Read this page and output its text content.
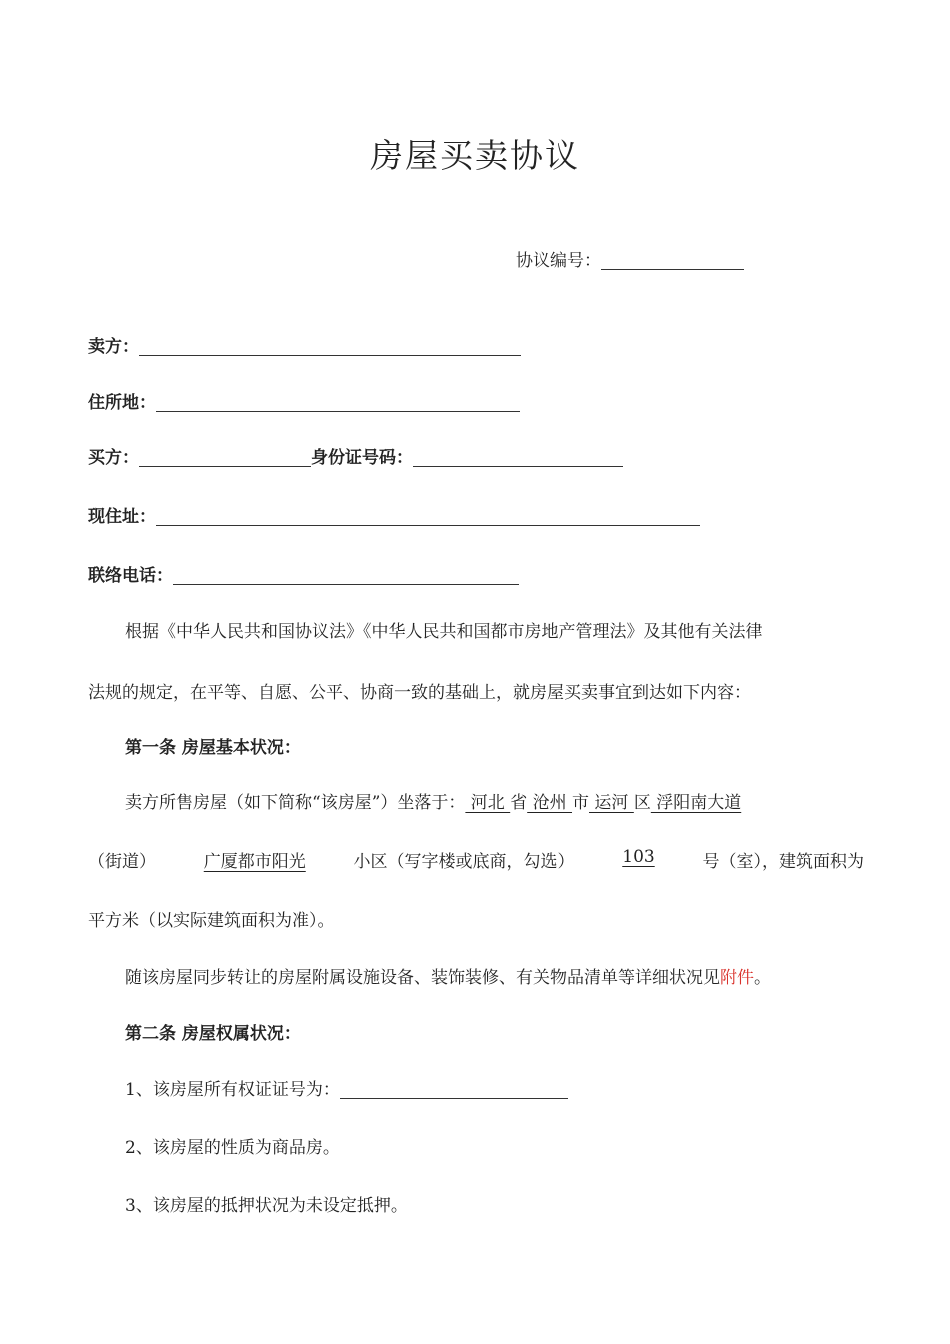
房屋买卖协议
协议编号：
卖方：
住所地：
买方：	身份证号码：
现住址：
联络电话：
根据《中华人民共和国协议法》《中华人民共和国都市房地产管理法》及其他有关法律
法规的规定，在平等、自愿、公平、协商一致的基础上，就房屋买卖事宜到达如下内容：
第一条 房屋基本状况：
卖方所售房屋（如下简称“该房屋”）坐落于： 河北 省 沧州 市 运河 区 浮阳南大道
（街道）	广厦都市阳光	小区（写字楼或底商，勾选）	103	号（室），建筑面积为
平方米（以实际建筑面积为准）。
随该房屋同步转让的房屋附属设施设备、装饰装修、有关物品清单等详细状况见附件。
第二条 房屋权属状况：
1、该房屋所有权证证号为：
2、该房屋的性质为商品房。
3、该房屋的抵押状况为未设定抵押。
